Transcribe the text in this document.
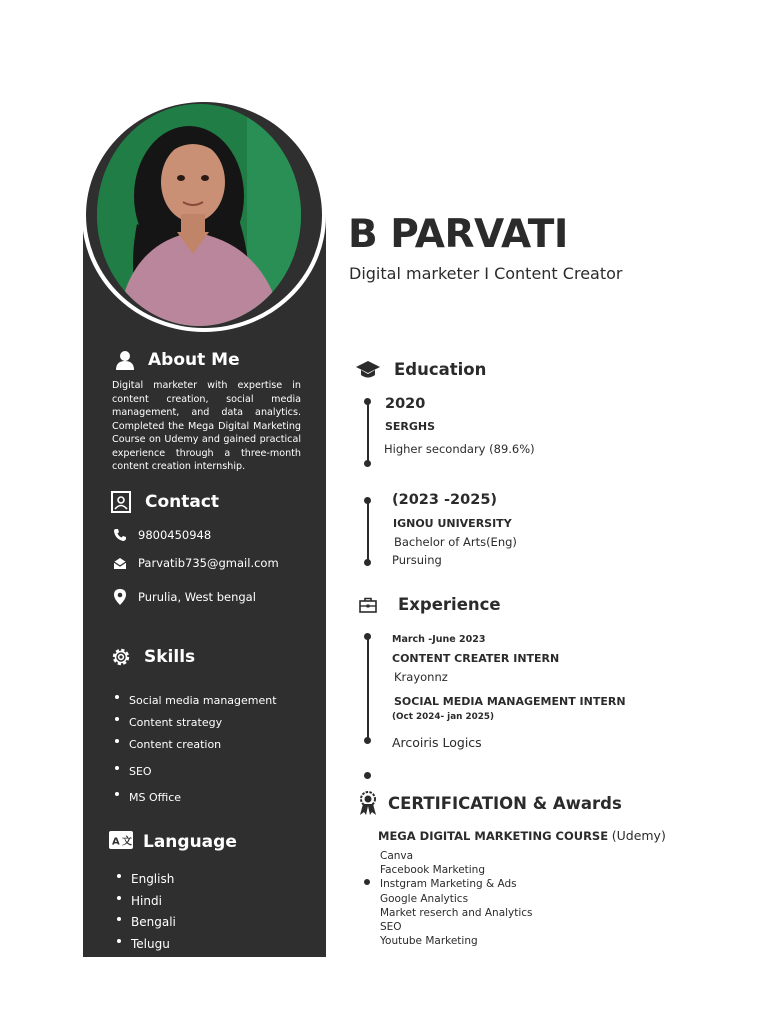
About Me
Digital marketer with expertise in content creation, social media management, and data analytics. Completed the Mega Digital Marketing Course on Udemy and gained practical experience through a three-month content creation internship.
Contact
9800450948
Parvatib735@gmail.com
Purulia, West bengal
Skills
Social media management
Content strategy
Content creation
SEO
MS Office
A 文 Language
English
Hindi
Bengali
Telugu
B PARVATI
Digital marketer I Content Creator
Education
2020
SERGHS
Higher secondary (89.6%)
(2023 -2025)
IGNOU UNIVERSITY
Bachelor of Arts(Eng)
Pursuing
Experience
March -June 2023
CONTENT CREATER INTERN
Krayonnz
SOCIAL MEDIA MANAGEMENT INTERN
(Oct 2024- jan 2025)
Arcoiris Logics
CERTIFICATION & Awards
MEGA DIGITAL MARKETING COURSE (Udemy)
Canva
Facebook Marketing
Instgram Marketing & Ads
Google Analytics
Market reserch and Analytics
SEO
Youtube Marketing
